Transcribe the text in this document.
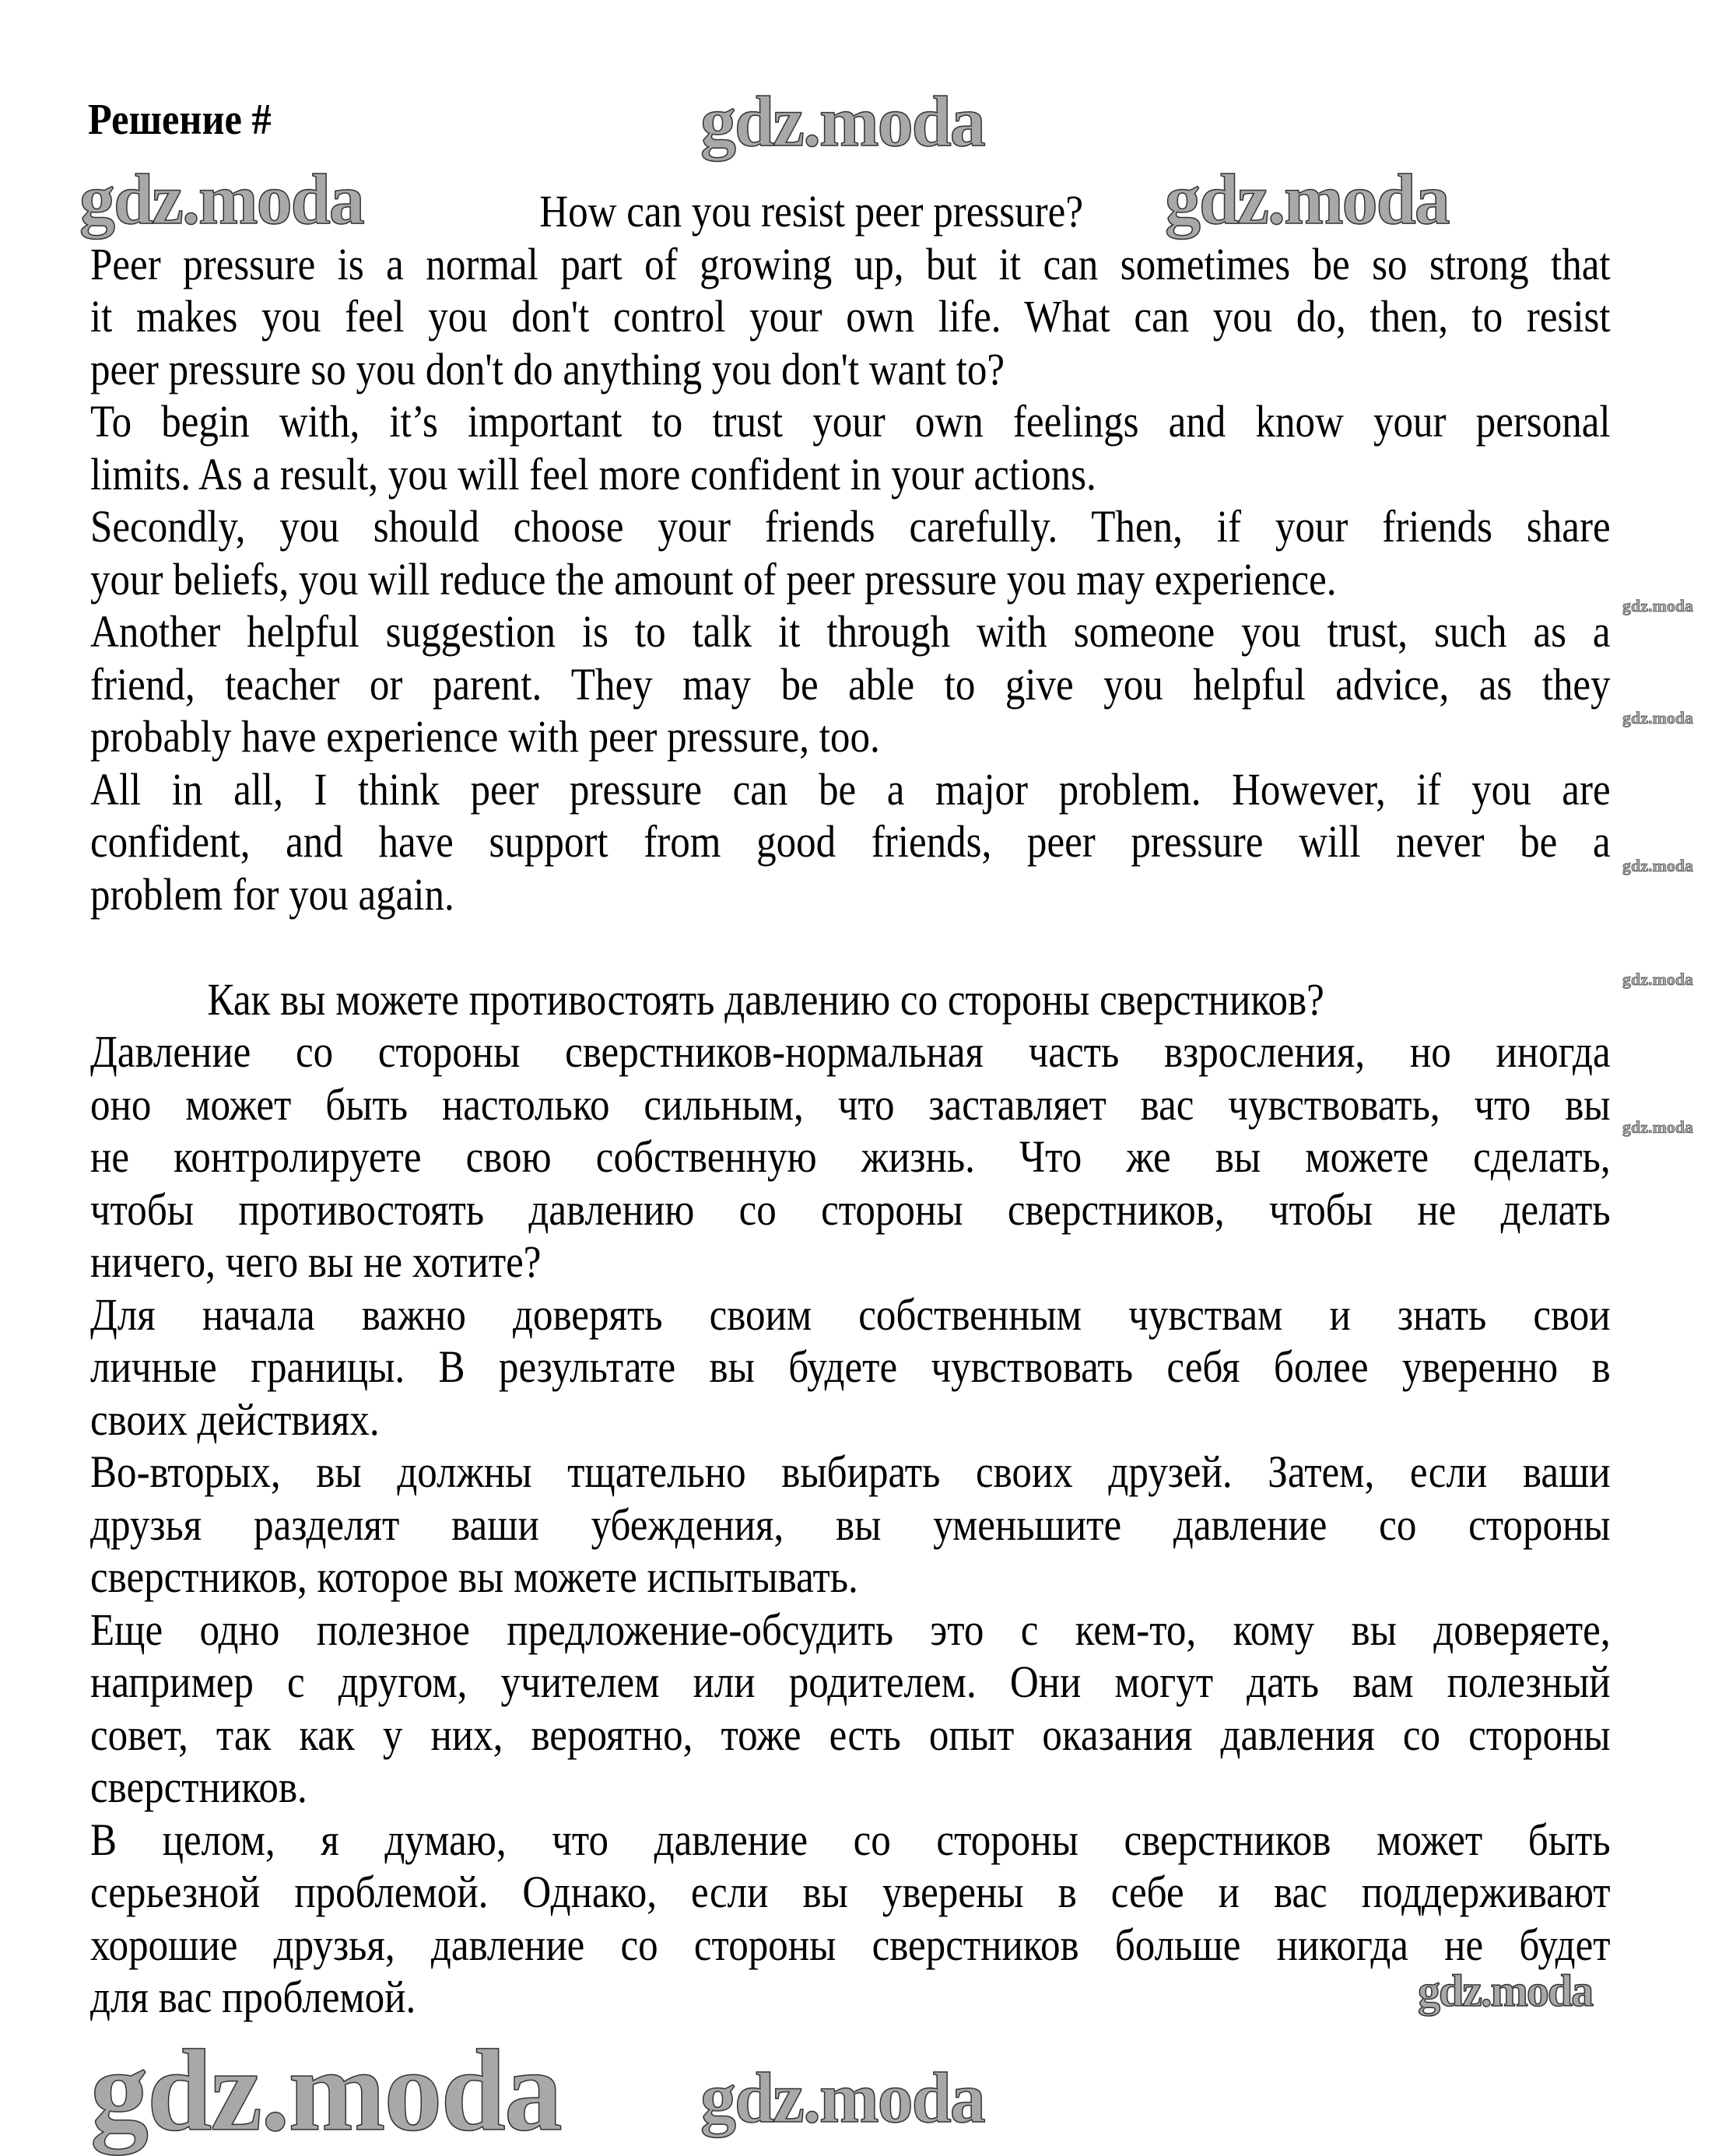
Решение #
How can you resist peer pressure?
Peer pressure is a normal part of growing up, but it can sometimes be so strong that
it makes you feel you don't control your own life. What can you do, then, to resist
peer pressure so you don't do anything you don't want to?
To begin with, it’s important to trust your own feelings and know your personal
limits. As a result, you will feel more confident in your actions.
Secondly, you should choose your friends carefully. Then, if your friends share
your beliefs, you will reduce the amount of peer pressure you may experience.
Another helpful suggestion is to talk it through with someone you trust, such as a
friend, teacher or parent. They may be able to give you helpful advice, as they
probably have experience with peer pressure, too.
All in all, I think peer pressure can be a major problem. However, if you are
confident, and have support from good friends, peer pressure will never be a
problem for you again.
Как вы можете противостоять давлению со стороны сверстников?
Давление со стороны сверстников-нормальная часть взросления, но иногда
оно может быть настолько сильным, что заставляет вас чувствовать, что вы
не контролируете свою собственную жизнь. Что же вы можете сделать,
чтобы противостоять давлению со стороны сверстников, чтобы не делать
ничего, чего вы не хотите?
Для начала важно доверять своим собственным чувствам и знать свои
личные границы. В результате вы будете чувствовать себя более уверенно в
своих действиях.
Во-вторых, вы должны тщательно выбирать своих друзей. Затем, если ваши
друзья разделят ваши убеждения, вы уменьшите давление со стороны
сверстников, которое вы можете испытывать.
Еще одно полезное предложение-обсудить это с кем-то, кому вы доверяете,
например с другом, учителем или родителем. Они могут дать вам полезный
совет, так как у них, вероятно, тоже есть опыт оказания давления со стороны
сверстников.
В целом, я думаю, что давление со стороны сверстников может быть
серьезной проблемой. Однако, если вы уверены в себе и вас поддерживают
хорошие друзья, давление со стороны сверстников больше никогда не будет
для вас проблемой.
gdz.moda	gdz.moda
gdz.moda
gdz.moda
gdz.moda
gdz.moda
gdz.moda
gdz.moda
gdz.moda
gdz.moda
gdz.moda
